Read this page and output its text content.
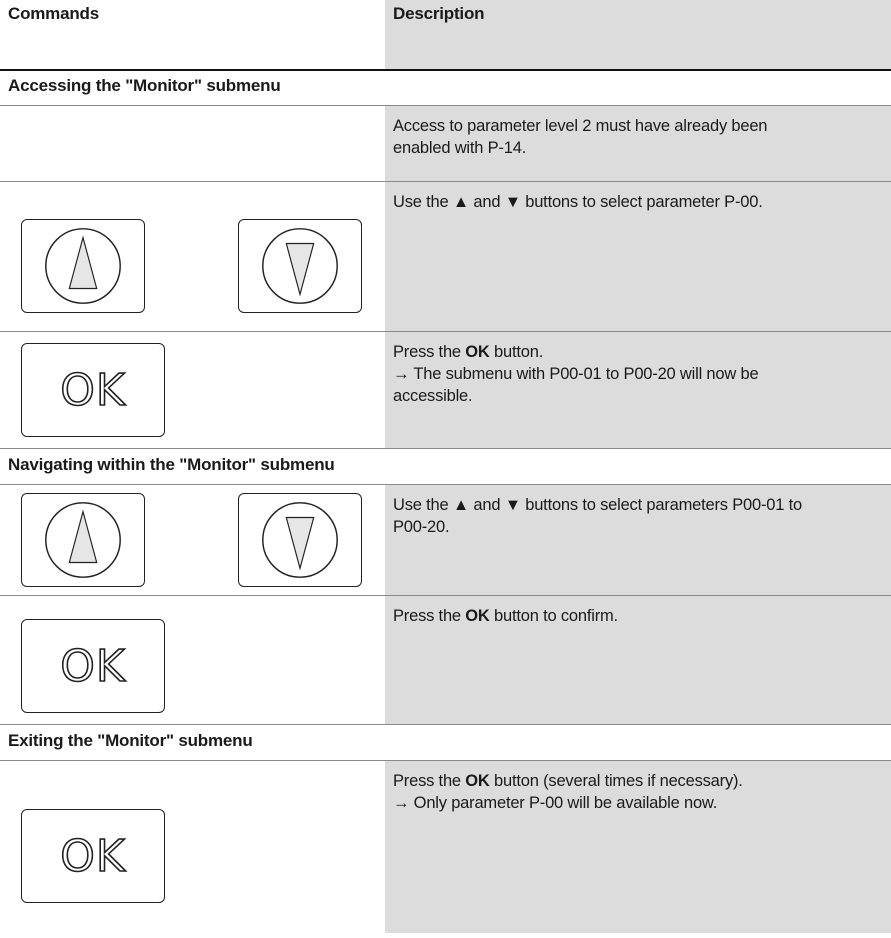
Commands	Description
Accessing the "Monitor" submenu
Access to parameter level 2 must have already been
enabled with P-14.
Use the ▲ and ▼ buttons to select parameter P-00.
OK
Press the OK button.
→ The submenu with P00-01 to P00-20 will now be
accessible.
Navigating within the "Monitor" submenu
Use the ▲ and ▼ buttons to select parameters P00-01 to
P00-20.
OK
Press the OK button to confirm.
Exiting the "Monitor" submenu
OK
Press the OK button (several times if necessary).
→ Only parameter P-00 will be available now.
